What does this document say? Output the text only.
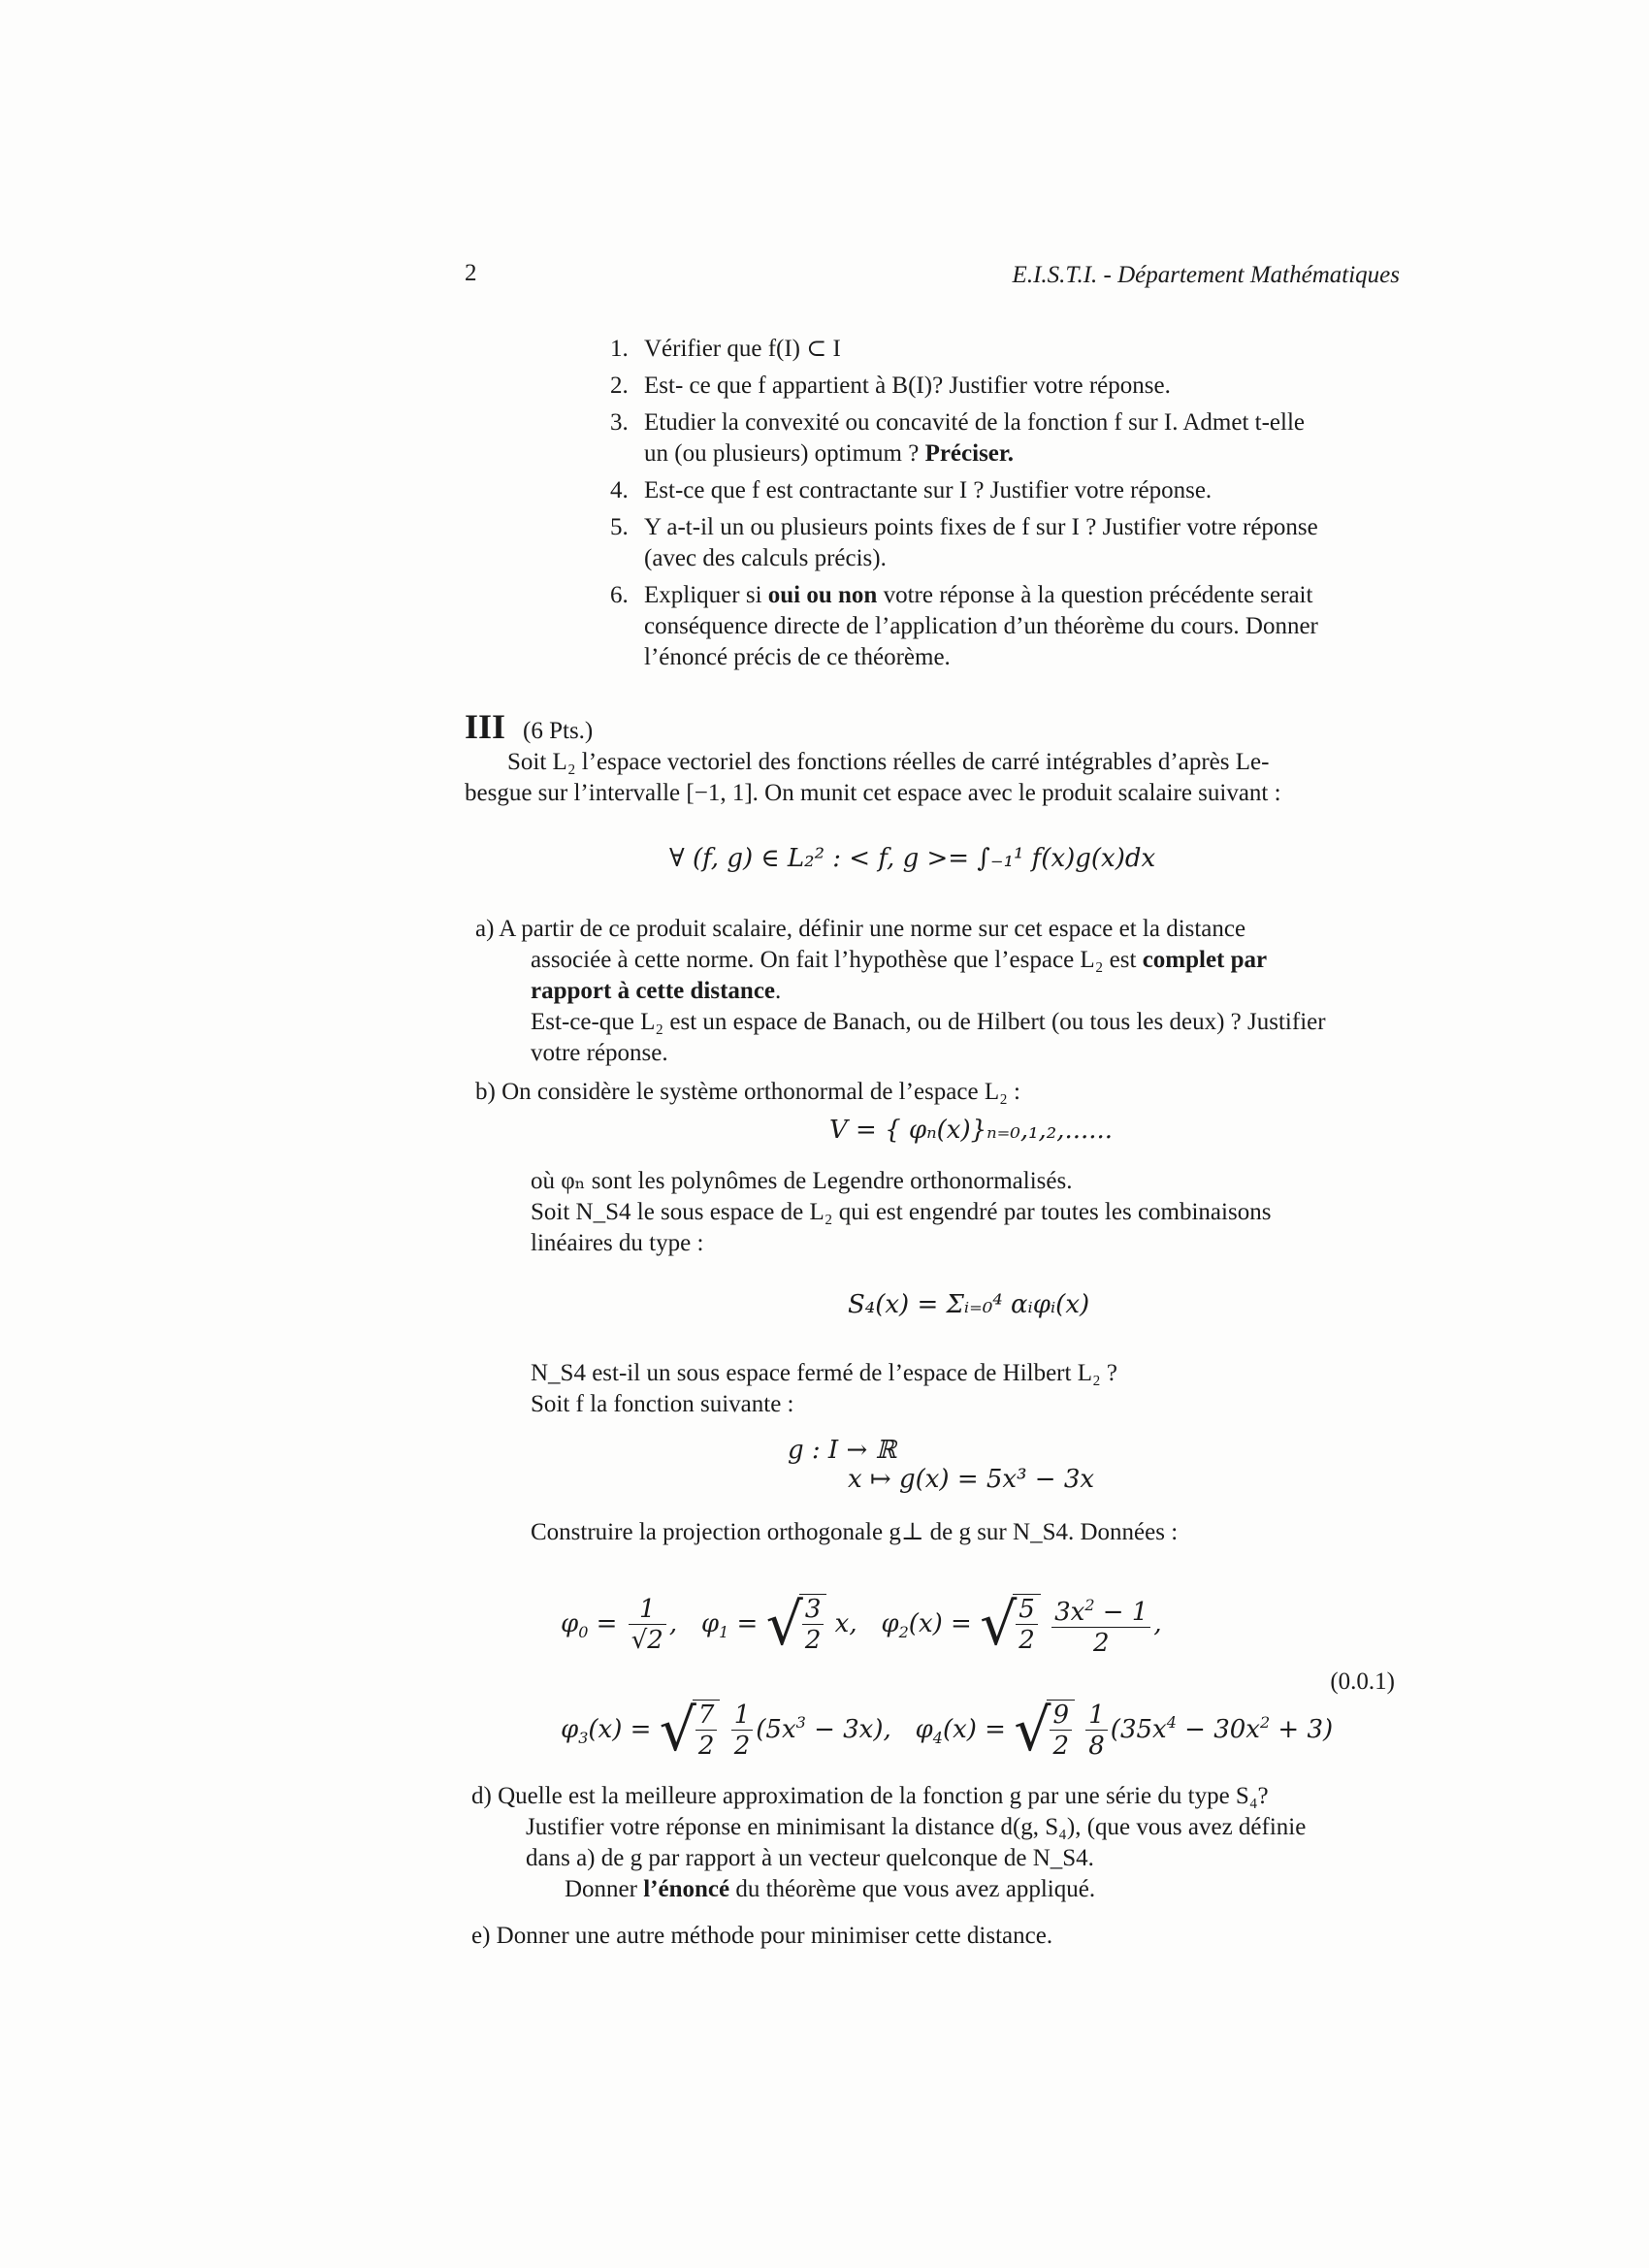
2	E.I.S.T.I. - Département Mathématiques
1. Vérifier que f(I) ⊂ I

2. Est- ce que f appartient à B(I)? Justifier votre réponse.

3. Etudier la convexité ou concavité de la fonction f sur I. Admet t-elle

un (ou plusieurs) optimum ? Préciser.

4. Est-ce que f est contractante sur I ? Justifier votre réponse.

5. Y a-t-il un ou plusieurs points fixes de f sur I ? Justifier votre réponse

(avec des calculs précis).

6. Expliquer si oui ou non votre réponse à la question précédente serait

conséquence directe de l’application d’un théorème du cours. Donner

l’énoncé précis de ce théorème.

III (6 Pts.)

Soit L₂ l’espace vectoriel des fonctions réelles de carré intégrables d’après Le-

besgue sur l’intervalle [−1, 1]. On munit cet espace avec le produit scalaire suivant :

∀ (f, g) ∈ L₂² : < f, g >= ∫₋₁¹ f(x)g(x)dx

a) A partir de ce produit scalaire, définir une norme sur cet espace et la distance

associée à cette norme. On fait l’hypothèse que l’espace L₂ est complet par

rapport à cette distance.

Est-ce-que L₂ est un espace de Banach, ou de Hilbert (ou tous les deux) ? Justifier

votre réponse.

b) On considère le système orthonormal de l’espace L₂ :

V = { φₙ(x)}ₙ₌₀,₁,₂,......

où φₙ sont les polynômes de Legendre orthonormalisés.

Soit N_S4 le sous espace de L₂ qui est engendré par toutes les combinaisons

linéaires du type :

S₄(x) = Σᵢ₌₀⁴ αᵢφᵢ(x)

N_S4 est-il un sous espace fermé de l’espace de Hilbert L₂ ?

Soit f la fonction suivante :

g : I → ℝ
x ↦ g(x) = 5x³ − 3x
Construire la projection orthogonale g⊥ de g sur N_S4. Données :
$\varphi_0 = \frac{1}{√2}$ ,   $\varphi_1$ = √ $\frac{3}{2} x$,   $\varphi_2(x)$ = √ $\frac{5}{2}$
$\frac{3x^2 - 1}{2}$ ,
(0.0.1)
$\varphi_3(x)$ = √ $\frac{7}{2}$
$\frac{1}{2} (5x^3 - 3x)$,   $\varphi_4(x)$ = √ $\frac{9}{2}$
$\frac{1}{8} (35x^4 - 30x^2 + 3)$

d) Quelle est la meilleure approximation de la fonction g par une série du type S₄?

Justifier votre réponse en minimisant la distance d(g, S₄), (que vous avez définie

dans a) de g par rapport à un vecteur quelconque de N_S4.

Donner l’énoncé du théorème que vous avez appliqué.

e) Donner une autre méthode pour minimiser cette distance.
